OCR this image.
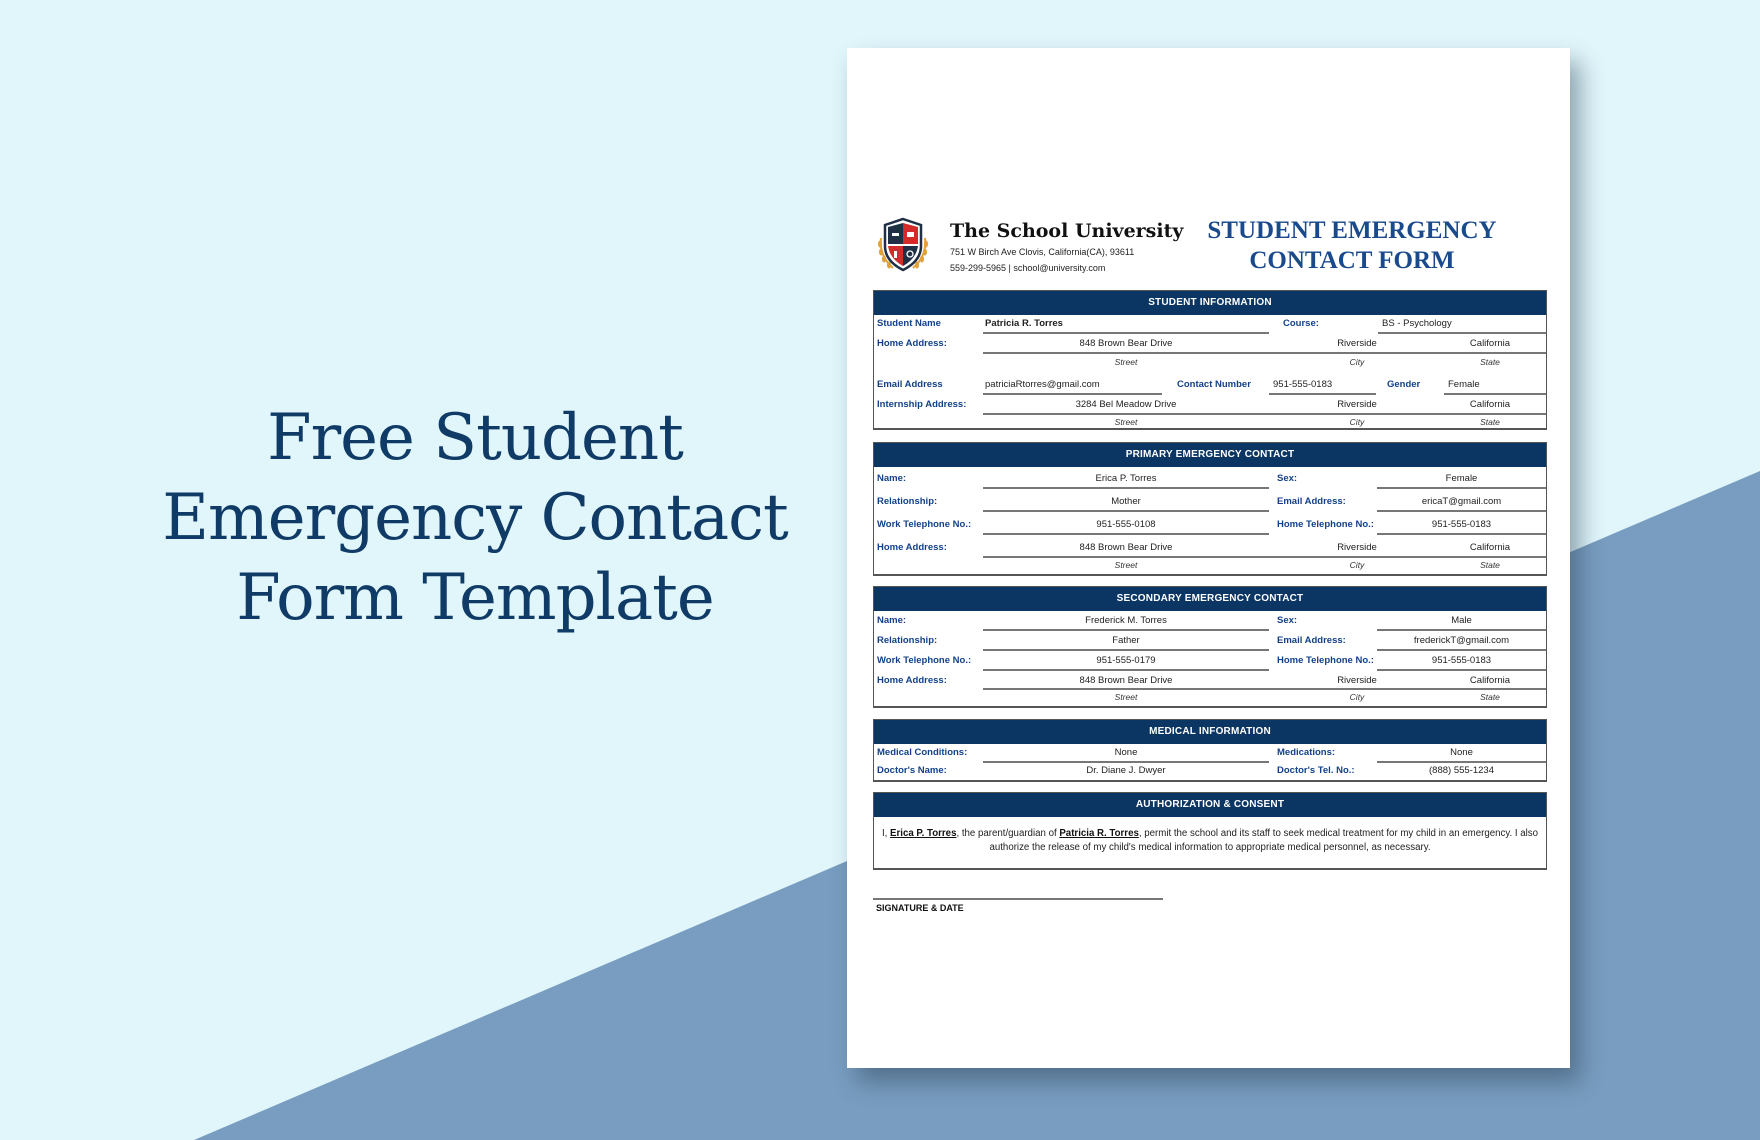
Free Student
Emergency Contact
Form Template
The School University
751 W Birch Ave Clovis, California(CA), 93611
559-299-5965 | school@university.com
STUDENT EMERGENCY
CONTACT FORM
STUDENT INFORMATION
Student Name	Patricia R. Torres	Course:	BS - Psychology
Home Address:	848 Brown Bear Drive	Riverside	California
Street	City	State
Email Address	patriciaRtorres@gmail.com	Contact Number 951-555-0183	Gender	Female
Internship Address:	3284 Bel Meadow Drive	Riverside	California
Street	City	State
PRIMARY EMERGENCY CONTACT
Name:	Erica P. Torres	Sex:	Female
Relationship:	Mother	Email Address:	ericaT@gmail.com
Work Telephone No.:	951-555-0108	Home Telephone No.:	951-555-0183
Home Address:	848 Brown Bear Drive	Riverside	California
Street	City	State
SECONDARY EMERGENCY CONTACT
Name:	Frederick M. Torres	Sex:	Male
Relationship:	Father	Email Address:	frederickT@gmail.com
Work Telephone No.:	951-555-0179	Home Telephone No.:	951-555-0183
Home Address:	848 Brown Bear Drive	Riverside	California
Street	City	State
MEDICAL INFORMATION
Medical Conditions:	None	Medications:	None
Doctor's Name:	Dr. Diane J. Dwyer	Doctor's Tel. No.:	(888) 555-1234
AUTHORIZATION & CONSENT
I, Erica P. Torres, the parent/guardian of Patricia R. Torres, permit the school and its staff to seek medical treatment for my child in an emergency. I also authorize the release of my child's medical information to appropriate medical personnel, as necessary.
SIGNATURE & DATE
